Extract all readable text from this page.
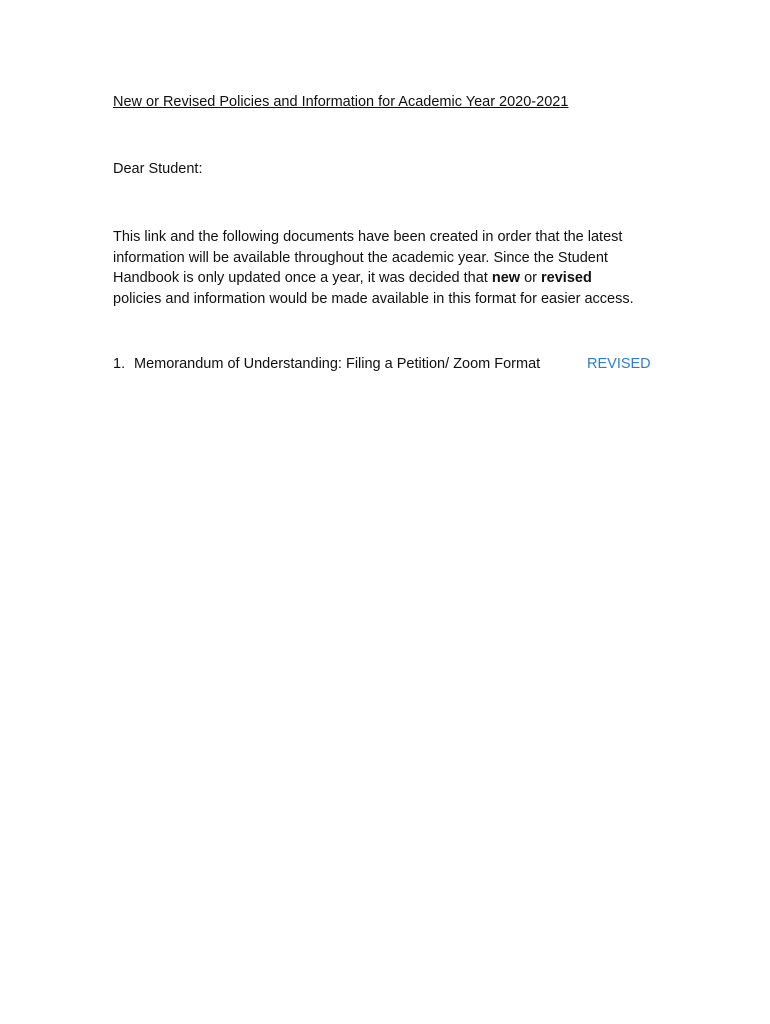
New or Revised Policies and Information for Academic Year 2020-2021
Dear Student:
This link and the following documents have been created in order that the latest
information will be available throughout the academic year. Since the Student
Handbook is only updated once a year, it was decided that new or revised
policies and information would be made available in this format for easier access.
1. Memorandum of Understanding: Filing a Petition/ Zoom Format	REVISED
